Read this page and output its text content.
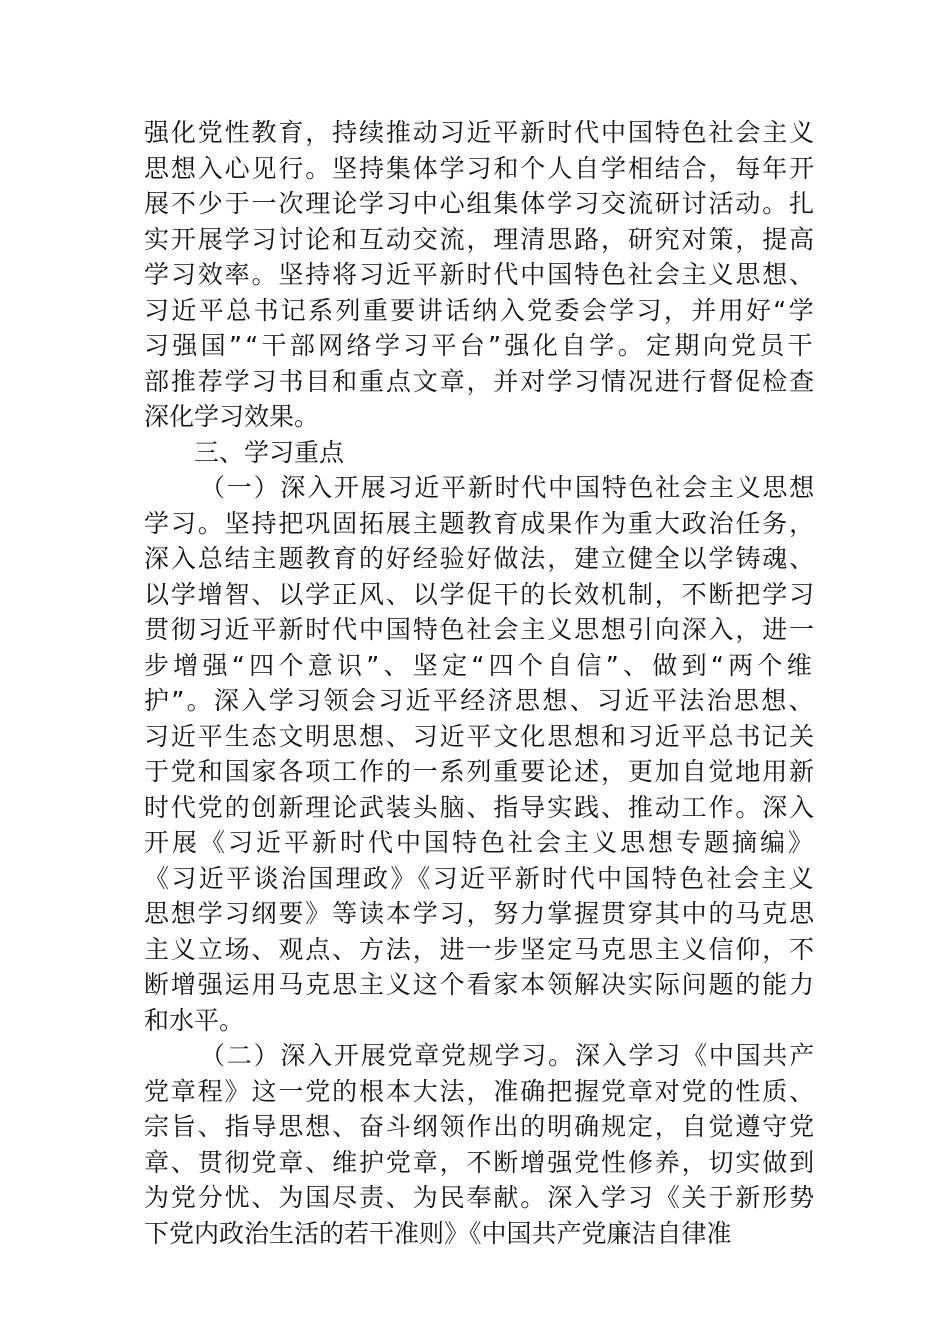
强化党性教育，持续推动习近平新时代中国特色社会主义
思想入心见行。坚持集体学习和个人自学相结合，每年开
展不少于一次理论学习中心组集体学习交流研讨活动。扎
实开展学习讨论和互动交流，理清思路，研究对策，提高
学习效率。坚持将习近平新时代中国特色社会主义思想、
习近平总书记系列重要讲话纳入党委会学习，并用好“学
习强国”“干部网络学习平台”强化自学。定期向党员干
部推荐学习书目和重点文章，并对学习情况进行督促检查
深化学习效果。
三、学习重点
（一）深入开展习近平新时代中国特色社会主义思想
学习。坚持把巩固拓展主题教育成果作为重大政治任务，
深入总结主题教育的好经验好做法，建立健全以学铸魂、
以学增智、以学正风、以学促干的长效机制，不断把学习
贯彻习近平新时代中国特色社会主义思想引向深入，进一
步增强“四个意识”、坚定“四个自信”、做到“两个维
护”。深入学习领会习近平经济思想、习近平法治思想、
习近平生态文明思想、习近平文化思想和习近平总书记关
于党和国家各项工作的一系列重要论述，更加自觉地用新
时代党的创新理论武装头脑、指导实践、推动工作。深入
开展《习近平新时代中国特色社会主义思想专题摘编》
《习近平谈治国理政》《习近平新时代中国特色社会主义
思想学习纲要》等读本学习，努力掌握贯穿其中的马克思
主义立场、观点、方法，进一步坚定马克思主义信仰，不
断增强运用马克思主义这个看家本领解决实际问题的能力
和水平。
（二）深入开展党章党规学习。深入学习《中国共产
党章程》这一党的根本大法，准确把握党章对党的性质、
宗旨、指导思想、奋斗纲领作出的明确规定，自觉遵守党
章、贯彻党章、维护党章，不断增强党性修养，切实做到
为党分忧、为国尽责、为民奉献。深入学习《关于新形势
下党内政治生活的若干准则》《中国共产党廉洁自律准
